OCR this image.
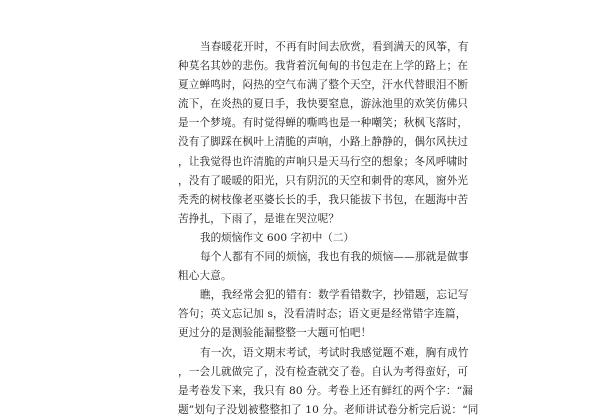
当春暖花开时，不再有时间去欣赏，看到满天的风筝，有
种莫名其妙的悲伤。我背着沉甸甸的书包走在上学的路上；在
夏立蝉鸣时，闷热的空气布满了整个天空，汗水代替眼泪不断
流下，在炎热的夏日手，我快要窒息，游泳池里的欢笑仿佛只
是一个梦境。有时觉得蝉的嘶鸣也是一种嘲笑；秋枫飞落时，
没有了脚踩在枫叶上清脆的声响，小路上静静的，偶尔风扶过
，让我觉得也许清脆的声响只是天马行空的想象；冬风呼啸时
，没有了暖暖的阳光，只有阴沉的天空和刺骨的寒风，窗外光
秃秃的树枝像老巫婆长长的手，我只能拔下书包，在题海中苦
苦挣扎，下雨了，是谁在哭泣呢？
我的烦恼作文 600 字初中（二）
每个人都有不同的烦恼，我也有我的烦恼——那就是做事
粗心大意。
瞧，我经常会犯的错有：数学看错数字，抄错题，忘记写
答句；英文忘记加 s，没看清时态；语文更是经常错字连篇，
更过分的是测验能漏整整一大题可怕吧！
有一次，语文期末考试，考试时我感觉题不难，胸有成竹
，一会儿就做完了，没有检查就交了卷。自认为考得蛮好，可
是考卷发下来，我只有 80 分。考卷上还有鲜红的两个字：“漏
题”划句子没划被整整扣了 10 分。老师讲试卷分析完后说：“同
